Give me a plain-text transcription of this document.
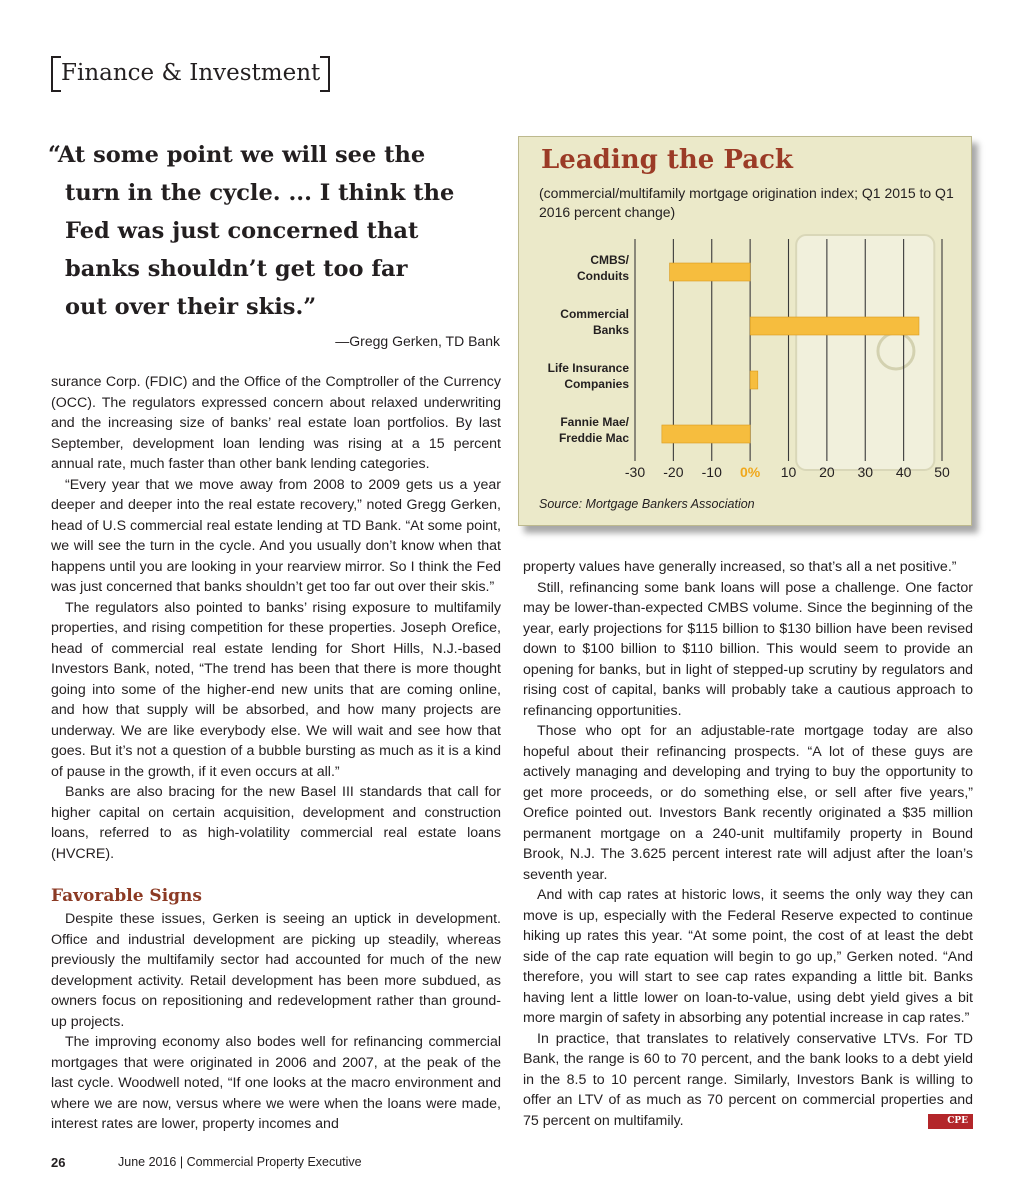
Finance & Investment
“At some point we will see the
turn in the cycle. ... I think the
Fed was just concerned that
banks shouldn’t get too far
out over their skis.”
—Gregg Gerken, TD Bank

surance Corp. (FDIC) and the Office of the Comptroller of the Currency (OCC). The regulators expressed concern about relaxed underwriting and the increasing size of banks’ real estate loan portfolios. By last September, development loan lending was rising at a 15 percent annual rate, much faster than other bank lending categories.

“Every year that we move away from 2008 to 2009 gets us a year deeper and deeper into the real estate recovery,” noted Gregg Gerken, head of U.S commercial real estate lending at TD Bank. “At some point, we will see the turn in the cycle. And you usually don’t know when that happens until you are looking in your rearview mirror. So I think the Fed was just concerned that banks shouldn’t get too far out over their skis.”

The regulators also pointed to banks’ rising exposure to multifamily properties, and rising competition for these properties. Joseph Orefice, head of commercial real estate lending for Short Hills, N.J.-based Investors Bank, noted, “The trend has been that there is more thought going into some of the higher-end new units that are coming online, and how that supply will be absorbed, and how many projects are underway. We are like everybody else. We will wait and see how that goes. But it’s not a question of a bubble bursting as much as it is a kind of pause in the growth, if it even occurs at all.”

Banks are also bracing for the new Basel III standards that call for higher capital on certain acquisition, development and construction loans, referred to as high-volatility commercial real estate loans (HVCRE).

Favorable Signs

Despite these issues, Gerken is seeing an uptick in development. Office and industrial development are picking up steadily, whereas previously the multifamily sector had accounted for much of the new development activity. Retail development has been more subdued, as owners focus on repositioning and redevelopment rather than ground-up projects.

The improving economy also bodes well for refinancing commercial mortgages that were originated in 2006 and 2007, at the peak of the last cycle. Woodwell noted, “If one looks at the macro environment and where we are now, versus where we were when the loans were made, interest rates are lower, property incomes and

property values have generally increased, so that’s all a net positive.”

Still, refinancing some bank loans will pose a challenge. One factor may be lower-than-expected CMBS volume. Since the beginning of the year, early projections for $115 billion to $130 billion have been revised down to $100 billion to $110 billion. This would seem to provide an opening for banks, but in light of stepped-up scrutiny by regulators and rising cost of capital, banks will probably take a cautious approach to refinancing opportunities.

Those who opt for an adjustable-rate mortgage today are also hopeful about their refinancing prospects. “A lot of these guys are actively managing and developing and trying to buy the opportunity to get more proceeds, or do something else, or sell after five years,” Orefice pointed out. Investors Bank recently originated a $35 million permanent mortgage on a 240-unit multifamily property in Bound Brook, N.J. The 3.625 percent interest rate will adjust after the loan’s seventh year.

And with cap rates at historic lows, it seems the only way they can move is up, especially with the Federal Reserve expected to continue hiking up rates this year. “At some point, the cost of at least the debt side of the cap rate equation will begin to go up,” Gerken noted. “And therefore, you will start to see cap rates expanding a little bit. Banks having lent a little lower on loan-to-value, using debt yield gives a bit more margin of safety in absorbing any potential increase in cap rates.”

In practice, that translates to relatively conservative LTVs. For TD Bank, the range is 60 to 70 percent, and the bank looks to a debt yield in the 8.5 to 10 percent range. Similarly, Investors Bank is willing to offer an LTV of as much as 70 percent on commercial properties and 75 percent on multifamily.	CPE

CMBS/
Conduits
Commercial
Banks
Life Insurance
Companies
Fannie Mae/
Freddie Mac
-30 -20 -10 0% 10 20 30 40 50
Leading the Pack
(commercial/multifamily mortgage origination index; Q1 2015 to Q1 2016 percent change)
Source: Mortgage Bankers Association
26	June 2016 | Commercial Property Executive
